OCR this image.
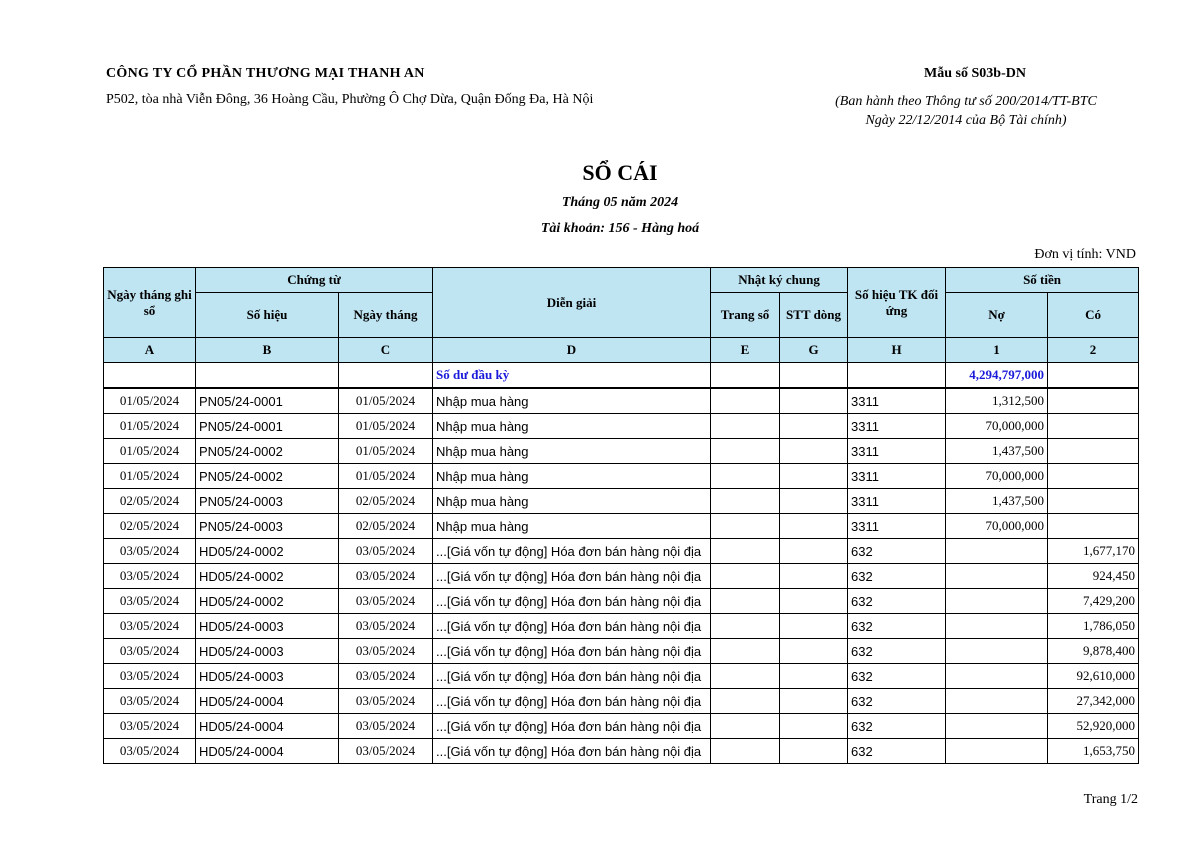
CÔNG TY CỔ PHẦN THƯƠNG MẠI THANH AN
P502, tòa nhà Viễn Đông, 36 Hoàng Cầu, Phường Ô Chợ Dừa, Quận Đống Đa, Hà Nội
Mẫu số S03b-DN
(Ban hành theo Thông tư số 200/2014/TT-BTC
Ngày 22/12/2014 của Bộ Tài chính)
SỔ CÁI
Tháng 05 năm 2024
Tài khoản: 156 - Hàng hoá
Đơn vị tính: VND
Ngày tháng ghi sổ	Chứng từ		Diễn giải	Nhật ký chung		Số hiệu TK đối ứng	Số tiền	
	Số hiệu	Ngày tháng		Trang sổ	STT dòng		Nợ	Có
A	B	C	D	E	G	H	1	2
			Số dư đầu kỳ				4,294,797,000	
01/05/2024	PN05/24-0001	01/05/2024	Nhập mua hàng			3311	1,312,500	
01/05/2024	PN05/24-0001	01/05/2024	Nhập mua hàng			3311	70,000,000	
01/05/2024	PN05/24-0002	01/05/2024	Nhập mua hàng			3311	1,437,500	
01/05/2024	PN05/24-0002	01/05/2024	Nhập mua hàng			3311	70,000,000	
02/05/2024	PN05/24-0003	02/05/2024	Nhập mua hàng			3311	1,437,500	
02/05/2024	PN05/24-0003	02/05/2024	Nhập mua hàng			3311	70,000,000	
03/05/2024	HD05/24-0002	03/05/2024	...[Giá vốn tự động] Hóa đơn bán hàng nội địa			632		1,677,170
03/05/2024	HD05/24-0002	03/05/2024	...[Giá vốn tự động] Hóa đơn bán hàng nội địa			632		924,450
03/05/2024	HD05/24-0002	03/05/2024	...[Giá vốn tự động] Hóa đơn bán hàng nội địa			632		7,429,200
03/05/2024	HD05/24-0003	03/05/2024	...[Giá vốn tự động] Hóa đơn bán hàng nội địa			632		1,786,050
03/05/2024	HD05/24-0003	03/05/2024	...[Giá vốn tự động] Hóa đơn bán hàng nội địa			632		9,878,400
03/05/2024	HD05/24-0003	03/05/2024	...[Giá vốn tự động] Hóa đơn bán hàng nội địa			632		92,610,000
03/05/2024	HD05/24-0004	03/05/2024	...[Giá vốn tự động] Hóa đơn bán hàng nội địa			632		27,342,000
03/05/2024	HD05/24-0004	03/05/2024	...[Giá vốn tự động] Hóa đơn bán hàng nội địa			632		52,920,000
03/05/2024	HD05/24-0004	03/05/2024	...[Giá vốn tự động] Hóa đơn bán hàng nội địa			632		1,653,750
Trang 1/2
